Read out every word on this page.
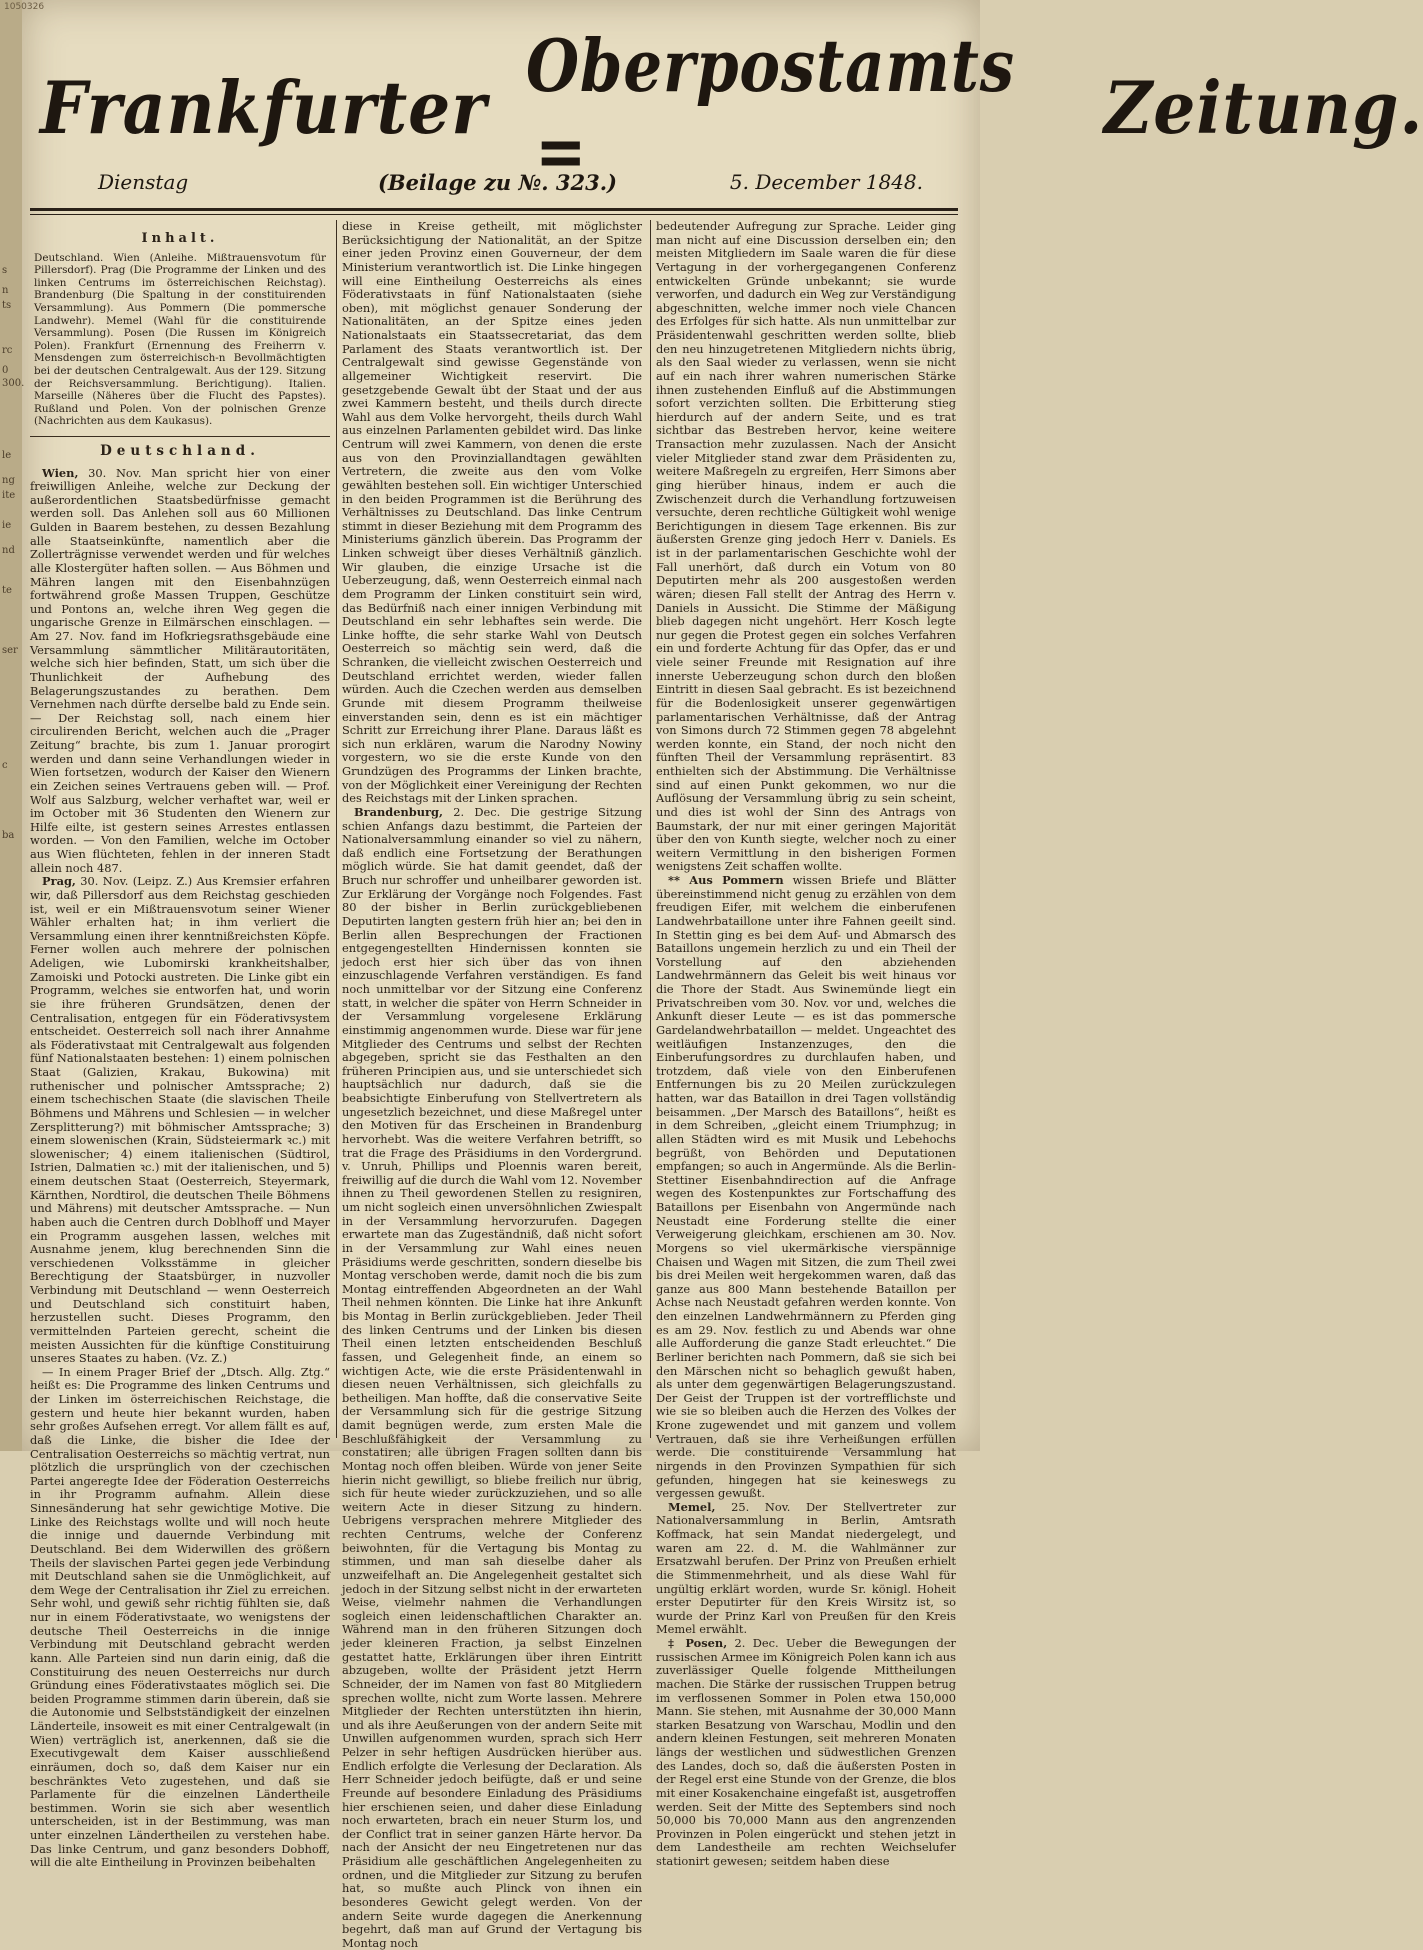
1050326
s
n
ts
rc
0
300.
le
ng
ite
ie
nd
te
ser
c
ba
Frankfurter Oberpostamts=	Zeitung.
Dienstag	(Beilage zu №. 323.)	5. December 1848.
Inhalt.

Deutschland. Wien (Anleihe. Mißtrauensvotum für Pillersdorf). Prag (Die Programme der Linken und des linken Centrums im österreichischen Reichstag). Brandenburg (Die Spaltung in der constituirenden Versammlung). Aus Pommern (Die pommersche Landwehr). Memel (Wahl für die constituirende Versammlung). Posen (Die Russen im Königreich Polen). Frankfurt (Ernennung des Freiherrn v. Mensdengen zum österreichisch-n Bevollmächtigten bei der deutschen Centralgewalt. Aus der 129. Sitzung der Reichsversammlung. Berichtigung). Italien. Marseille (Näheres über die Flucht des Papstes). Rußland und Polen. Von der polnischen Grenze (Nachrichten aus dem Kaukasus).

Deutschland.

Wien, 30. Nov. Man spricht hier von einer freiwilligen Anleihe, welche zur Deckung der außerordentlichen Staatsbedürfnisse gemacht werden soll. Das Anlehen soll aus 60 Millionen Gulden in Baarem bestehen, zu dessen Bezahlung alle Staatseinkünfte, namentlich aber die Zollerträgnisse verwendet werden und für welches alle Klostergüter haften sollen. — Aus Böhmen und Mähren langen mit den Eisenbahnzügen fortwährend große Massen Truppen, Geschütze und Pontons an, welche ihren Weg gegen die ungarische Grenze in Eilmärschen einschlagen. — Am 27. Nov. fand im Hofkriegsrathsgebäude eine Versammlung sämmtlicher Militärautoritäten, welche sich hier befinden, Statt, um sich über die Thunlichkeit der Aufhebung des Belagerungszustandes zu berathen. Dem Vernehmen nach dürfte derselbe bald zu Ende sein. — Der Reichstag soll, nach einem hier circulirenden Bericht, welchen auch die „Prager Zeitung“ brachte, bis zum 1. Januar prorogirt werden und dann seine Verhandlungen wieder in Wien fortsetzen, wodurch der Kaiser den Wienern ein Zeichen seines Vertrauens geben will. — Prof. Wolf aus Salzburg, welcher verhaftet war, weil er im October mit 36 Studenten den Wienern zur Hilfe eilte, ist gestern seines Arrestes entlassen worden. — Von den Familien, welche im October aus Wien flüchteten, fehlen in der inneren Stadt allein noch 487.

Prag, 30. Nov. (Leipz. Z.) Aus Kremsier erfahren wir, daß Pillersdorf aus dem Reichstag geschieden ist, weil er ein Mißtrauensvotum seiner Wiener Wähler erhalten hat; in ihm verliert die Versammlung einen ihrer kenntnißreichsten Köpfe. Ferner wollen auch mehrere der polnischen Adeligen, wie Lubomirski krankheitshalber, Zamoiski und Potocki austreten. Die Linke gibt ein Programm, welches sie entworfen hat, und worin sie ihre früheren Grundsätzen, denen der Centralisation, entgegen für ein Föderativsystem entscheidet. Oesterreich soll nach ihrer Annahme als Föderativstaat mit Centralgewalt aus folgenden fünf Nationalstaaten bestehen: 1) einem polnischen Staat (Galizien, Krakau, Bukowina) mit ruthenischer und polnischer Amtssprache; 2) einem tschechischen Staate (die slavischen Theile Böhmens und Mährens und Schlesien — in welcher Zersplitterung?) mit böhmischer Amtssprache; 3) einem slowenischen (Krain, Südsteiermark ꝛc.) mit slowenischer; 4) einem italienischen (Südtirol, Istrien, Dalmatien ꝛc.) mit der italienischen, und 5) einem deutschen Staat (Oesterreich, Steyermark, Kärnthen, Nordtirol, die deutschen Theile Böhmens und Mährens) mit deutscher Amtssprache. — Nun haben auch die Centren durch Doblhoff und Mayer ein Programm ausgehen lassen, welches mit Ausnahme jenem, klug berechnenden Sinn die verschiedenen Volksstämme in gleicher Berechtigung der Staatsbürger, in nuzvoller Verbindung mit Deutschland — wenn Oesterreich und Deutschland sich constituirt haben, herzustellen sucht. Dieses Programm, den vermittelnden Parteien gerecht, scheint die meisten Aussichten für die künftige Constituirung unseres Staates zu haben. (Vz. Z.)

— In einem Prager Brief der „Dtsch. Allg. Ztg.“ heißt es: Die Programme des linken Centrums und der Linken im österreichischen Reichstage, die gestern und heute hier bekannt wurden, haben sehr großes Aufsehen erregt. Vor allem fällt es auf, daß die Linke, die bisher die Idee der Centralisation Oesterreichs so mächtig vertrat, nun plötzlich die ursprünglich von der czechischen Partei angeregte Idee der Föderation Oesterreichs in ihr Programm aufnahm. Allein diese Sinnesänderung hat sehr gewichtige Motive. Die Linke des Reichstags wollte und will noch heute die innige und dauernde Verbindung mit Deutschland. Bei dem Widerwillen des größern Theils der slavischen Partei gegen jede Verbindung mit Deutschland sahen sie die Unmöglichkeit, auf dem Wege der Centralisation ihr Ziel zu erreichen. Sehr wohl, und gewiß sehr richtig fühlten sie, daß nur in einem Föderativstaate, wo wenigstens der deutsche Theil Oesterreichs in die innige Verbindung mit Deutschland gebracht werden kann. Alle Parteien sind nun darin einig, daß die Constituirung des neuen Oesterreichs nur durch Gründung eines Föderativstaates möglich sei. Die beiden Programme stimmen darin überein, daß sie die Autonomie und Selbstständigkeit der einzelnen Länderteile, insoweit es mit einer Centralgewalt (in Wien) verträglich ist, anerkennen, daß sie die Executivgewalt dem Kaiser ausschließend einräumen, doch so, daß dem Kaiser nur ein beschränktes Veto zugestehen, und daß sie Parlamente für die einzelnen Ländertheile bestimmen. Worin sie sich aber wesentlich unterscheiden, ist in der Bestimmung, was man unter einzelnen Ländertheilen zu verstehen habe. Das linke Centrum, und ganz besonders Dobhoff, will die alte Eintheilung in Provinzen beibehalten

diese in Kreise getheilt, mit möglichster Berücksichtigung der Nationalität, an der Spitze einer jeden Provinz einen Gouverneur, der dem Ministerium verantwortlich ist. Die Linke hingegen will eine Eintheilung Oesterreichs als eines Föderativstaats in fünf Nationalstaaten (siehe oben), mit möglichst genauer Sonderung der Nationalitäten, an der Spitze eines jeden Nationalstaats ein Staatssecretariat, das dem Parlament des Staats verantwortlich ist. Der Centralgewalt sind gewisse Gegenstände von allgemeiner Wichtigkeit reservirt. Die gesetzgebende Gewalt übt der Staat und der aus zwei Kammern besteht, und theils durch directe Wahl aus dem Volke hervorgeht, theils durch Wahl aus einzelnen Parlamenten gebildet wird. Das linke Centrum will zwei Kammern, von denen die erste aus von den Provinziallandtagen gewählten Vertretern, die zweite aus den vom Volke gewählten bestehen soll. Ein wichtiger Unterschied in den beiden Programmen ist die Berührung des Verhältnisses zu Deutschland. Das linke Centrum stimmt in dieser Beziehung mit dem Programm des Ministeriums gänzlich überein. Das Programm der Linken schweigt über dieses Verhältniß gänzlich. Wir glauben, die einzige Ursache ist die Ueberzeugung, daß, wenn Oesterreich einmal nach dem Programm der Linken constituirt sein wird, das Bedürfniß nach einer innigen Verbindung mit Deutschland ein sehr lebhaftes sein werde. Die Linke hoffte, die sehr starke Wahl von Deutsch Oesterreich so mächtig sein werd, daß die Schranken, die vielleicht zwischen Oesterreich und Deutschland errichtet werden, wieder fallen würden. Auch die Czechen werden aus demselben Grunde mit diesem Programm theilweise einverstanden sein, denn es ist ein mächtiger Schritt zur Erreichung ihrer Plane. Daraus läßt es sich nun erklären, warum die Narodny Nowiny vorgestern, wo sie die erste Kunde von den Grundzügen des Programms der Linken brachte, von der Möglichkeit einer Vereinigung der Rechten des Reichstags mit der Linken sprachen.

Brandenburg, 2. Dec. Die gestrige Sitzung schien Anfangs dazu bestimmt, die Parteien der Nationalversammlung einander so viel zu nähern, daß endlich eine Fortsetzung der Berathungen möglich würde. Sie hat damit geendet, daß der Bruch nur schroffer und unheilbarer geworden ist. Zur Erklärung der Vorgänge noch Folgendes. Fast 80 der bisher in Berlin zurückgebliebenen Deputirten langten gestern früh hier an; bei den in Berlin allen Besprechungen der Fractionen entgegengestellten Hindernissen konnten sie jedoch erst hier sich über das von ihnen einzuschlagende Verfahren verständigen. Es fand noch unmittelbar vor der Sitzung eine Conferenz statt, in welcher die später von Herrn Schneider in der Versammlung vorgelesene Erklärung einstimmig angenommen wurde. Diese war für jene Mitglieder des Centrums und selbst der Rechten abgegeben, spricht sie das Festhalten an den früheren Principien aus, und sie unterschiedet sich hauptsächlich nur dadurch, daß sie die beabsichtigte Einberufung von Stellvertretern als ungesetzlich bezeichnet, und diese Maßregel unter den Motiven für das Erscheinen in Brandenburg hervorhebt. Was die weitere Verfahren betrifft, so trat die Frage des Präsidiums in den Vordergrund. v. Unruh, Phillips und Ploennis waren bereit, freiwillig auf die durch die Wahl vom 12. November ihnen zu Theil gewordenen Stellen zu resigniren, um nicht sogleich einen unversöhnlichen Zwiespalt in der Versammlung hervorzurufen. Dagegen erwartete man das Zugeständniß, daß nicht sofort in der Versammlung zur Wahl eines neuen Präsidiums werde geschritten, sondern dieselbe bis Montag verschoben werde, damit noch die bis zum Montag eintreffenden Abgeordneten an der Wahl Theil nehmen könnten. Die Linke hat ihre Ankunft bis Montag in Berlin zurückgeblieben. Jeder Theil des linken Centrums und der Linken bis diesen Theil einen letzten entscheidenden Beschluß fassen, und Gelegenheit finde, an einem so wichtigen Acte, wie die erste Präsidentenwahl in diesen neuen Verhältnissen, sich gleichfalls zu betheiligen. Man hoffte, daß die conservative Seite der Versammlung sich für die gestrige Sitzung damit begnügen werde, zum ersten Male die Beschlußfähigkeit der Versammlung zu constatiren; alle übrigen Fragen sollten dann bis Montag noch offen bleiben. Würde von jener Seite hierin nicht gewilligt, so bliebe freilich nur übrig, sich für heute wieder zurückzuziehen, und so alle weitern Acte in dieser Sitzung zu hindern. Uebrigens versprachen mehrere Mitglieder des rechten Centrums, welche der Conferenz beiwohnten, für die Vertagung bis Montag zu stimmen, und man sah dieselbe daher als unzweifelhaft an. Die Angelegenheit gestaltet sich jedoch in der Sitzung selbst nicht in der erwarteten Weise, vielmehr nahmen die Verhandlungen sogleich einen leidenschaftlichen Charakter an. Während man in den früheren Sitzungen doch jeder kleineren Fraction, ja selbst Einzelnen gestattet hatte, Erklärungen über ihren Eintritt abzugeben, wollte der Präsident jetzt Herrn Schneider, der im Namen von fast 80 Mitgliedern sprechen wollte, nicht zum Worte lassen. Mehrere Mitglieder der Rechten unterstützten ihn hierin, und als ihre Aeußerungen von der andern Seite mit Unwillen aufgenommen wurden, sprach sich Herr Pelzer in sehr heftigen Ausdrücken hierüber aus. Endlich erfolgte die Verlesung der Declaration. Als Herr Schneider jedoch beifügte, daß er und seine Freunde auf besondere Einladung des Präsidiums hier erschienen seien, und daher diese Einladung noch erwarteten, brach ein neuer Sturm los, und der Conflict trat in seiner ganzen Härte hervor. Da nach der Ansicht der neu Eingetretenen nur das Präsidium alle geschäftlichen Angelegenheiten zu ordnen, und die Mitglieder zur Sitzung zu berufen hat, so mußte auch Plinck von ihnen ein besonderes Gewicht gelegt werden. Von der andern Seite wurde dagegen die Anerkennung begehrt, daß man auf Grund der Vertagung bis Montag noch

bedeutender Aufregung zur Sprache. Leider ging man nicht auf eine Discussion derselben ein; den meisten Mitgliedern im Saale waren die für diese Vertagung in der vorhergegangenen Conferenz entwickelten Gründe unbekannt; sie wurde verworfen, und dadurch ein Weg zur Verständigung abgeschnitten, welche immer noch viele Chancen des Erfolges für sich hatte. Als nun unmittelbar zur Präsidentenwahl geschritten werden sollte, blieb den neu hinzugetretenen Mitgliedern nichts übrig, als den Saal wieder zu verlassen, wenn sie nicht auf ein nach ihrer wahren numerischen Stärke ihnen zustehenden Einfluß auf die Abstimmungen sofort verzichten sollten. Die Erbitterung stieg hierdurch auf der andern Seite, und es trat sichtbar das Bestreben hervor, keine weitere Transaction mehr zuzulassen. Nach der Ansicht vieler Mitglieder stand zwar dem Präsidenten zu, weitere Maßregeln zu ergreifen, Herr Simons aber ging hierüber hinaus, indem er auch die Zwischenzeit durch die Verhandlung fortzuweisen versuchte, deren rechtliche Gültigkeit wohl wenige Berichtigungen in diesem Tage erkennen. Bis zur äußersten Grenze ging jedoch Herr v. Daniels. Es ist in der parlamentarischen Geschichte wohl der Fall unerhört, daß durch ein Votum von 80 Deputirten mehr als 200 ausgestoßen werden wären; diesen Fall stellt der Antrag des Herrn v. Daniels in Aussicht. Die Stimme der Mäßigung blieb dagegen nicht ungehört. Herr Kosch legte nur gegen die Protest gegen ein solches Verfahren ein und forderte Achtung für das Opfer, das er und viele seiner Freunde mit Resignation auf ihre innerste Ueberzeugung schon durch den bloßen Eintritt in diesen Saal gebracht. Es ist bezeichnend für die Bodenlosigkeit unserer gegenwärtigen parlamentarischen Verhältnisse, daß der Antrag von Simons durch 72 Stimmen gegen 78 abgelehnt werden konnte, ein Stand, der noch nicht den fünften Theil der Versammlung repräsentirt. 83 enthielten sich der Abstimmung. Die Verhältnisse sind auf einen Punkt gekommen, wo nur die Auflösung der Versammlung übrig zu sein scheint, und dies ist wohl der Sinn des Antrags von Baumstark, der nur mit einer geringen Majorität über den von Kunth siegte, welcher noch zu einer weitern Vermittlung in den bisherigen Formen wenigstens Zeit schaffen wollte.

** Aus Pommern wissen Briefe und Blätter übereinstimmend nicht genug zu erzählen von dem freudigen Eifer, mit welchem die einberufenen Landwehrbataillone unter ihre Fahnen geeilt sind. In Stettin ging es bei dem Auf- und Abmarsch des Bataillons ungemein herzlich zu und ein Theil der Vorstellung auf den abziehenden Landwehrmännern das Geleit bis weit hinaus vor die Thore der Stadt. Aus Swinemünde liegt ein Privatschreiben vom 30. Nov. vor und, welches die Ankunft dieser Leute — es ist das pommersche Gardelandwehrbataillon — meldet. Ungeachtet des weitläufigen Instanzenzuges, den die Einberufungsordres zu durchlaufen haben, und trotzdem, daß viele von den Einberufenen Entfernungen bis zu 20 Meilen zurückzulegen hatten, war das Bataillon in drei Tagen vollständig beisammen. „Der Marsch des Bataillons“, heißt es in dem Schreiben, „gleicht einem Triumphzug; in allen Städten wird es mit Musik und Lebehochs begrüßt, von Behörden und Deputationen empfangen; so auch in Angermünde. Als die Berlin-Stettiner Eisenbahndirection auf die Anfrage wegen des Kostenpunktes zur Fortschaffung des Bataillons per Eisenbahn von Angermünde nach Neustadt eine Forderung stellte die einer Verweigerung gleichkam, erschienen am 30. Nov. Morgens so viel ukermärkische vierspännige Chaisen und Wagen mit Sitzen, die zum Theil zwei bis drei Meilen weit hergekommen waren, daß das ganze aus 800 Mann bestehende Bataillon per Achse nach Neustadt gefahren werden konnte. Von den einzelnen Landwehrmännern zu Pferden ging es am 29. Nov. festlich zu und Abends war ohne alle Aufforderung die ganze Stadt erleuchtet.“ Die Berliner berichten nach Pommern, daß sie sich bei den Märschen nicht so behaglich gewußt haben, als unter dem gegenwärtigen Belagerungszustand. Der Geist der Truppen ist der vortrefflichste und wie sie so bleiben auch die Herzen des Volkes der Krone zugewendet und mit ganzem und vollem Vertrauen, daß sie ihre Verheißungen erfüllen werde. Die constituirende Versammlung hat nirgends in den Provinzen Sympathien für sich gefunden, hingegen hat sie keineswegs zu vergessen gewußt.

Memel, 25. Nov. Der Stellvertreter zur Nationalversammlung in Berlin, Amtsrath Koffmack, hat sein Mandat niedergelegt, und waren am 22. d. M. die Wahlmänner zur Ersatzwahl berufen. Der Prinz von Preußen erhielt die Stimmenmehrheit, und als diese Wahl für ungültig erklärt worden, wurde Sr. königl. Hoheit erster Deputirter für den Kreis Wirsitz ist, so wurde der Prinz Karl von Preußen für den Kreis Memel erwählt.

‡ Posen, 2. Dec. Ueber die Bewegungen der russischen Armee im Königreich Polen kann ich aus zuverlässiger Quelle folgende Mittheilungen machen. Die Stärke der russischen Truppen betrug im verflossenen Sommer in Polen etwa 150,000 Mann. Sie stehen, mit Ausnahme der 30,000 Mann starken Besatzung von Warschau, Modlin und den andern kleinen Festungen, seit mehreren Monaten längs der westlichen und südwestlichen Grenzen des Landes, doch so, daß die äußersten Posten in der Regel erst eine Stunde von der Grenze, die blos mit einer Kosakenchaine eingefaßt ist, ausgetroffen werden. Seit der Mitte des Septembers sind noch 50,000 bis 70,000 Mann aus den angrenzenden Provinzen in Polen eingerückt und stehen jetzt in dem Landestheile am rechten Weichselufer stationirt gewesen; seitdem haben diese
